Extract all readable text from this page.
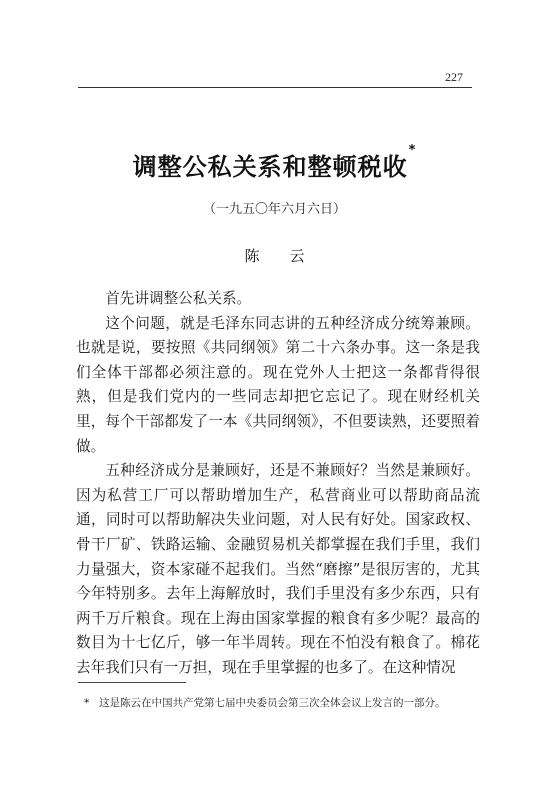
227
调整公私关系和整顿税收*
（一九五〇年六月六日）
陈云

首先讲调整公私关系。

这个问题，就是毛泽东同志讲的五种经济成分统筹兼顾。也就是说，要按照《共同纲领》第二十六条办事。这一条是我们全体干部都必须注意的。现在党外人士把这一条都背得很熟，但是我们党内的一些同志却把它忘记了。现在财经机关里，每个干部都发了一本《共同纲领》，不但要读熟，还要照着做。

五种经济成分是兼顾好，还是不兼顾好？当然是兼顾好。因为私营工厂可以帮助增加生产，私营商业可以帮助商品流通，同时可以帮助解决失业问题，对人民有好处。国家政权、骨干厂矿、铁路运输、金融贸易机关都掌握在我们手里，我们力量强大，资本家碰不起我们。当然“磨擦”是很厉害的，尤其今年特别多。去年上海解放时，我们手里没有多少东西，只有两千万斤粮食。现在上海由国家掌握的粮食有多少呢？最高的数目为十七亿斤，够一年半周转。现在不怕没有粮食了。棉花去年我们只有一万担，现在手里掌握的也多了。在这种情况

* 这是陈云在中国共产党第七届中央委员会第三次全体会议上发言的一部分。
